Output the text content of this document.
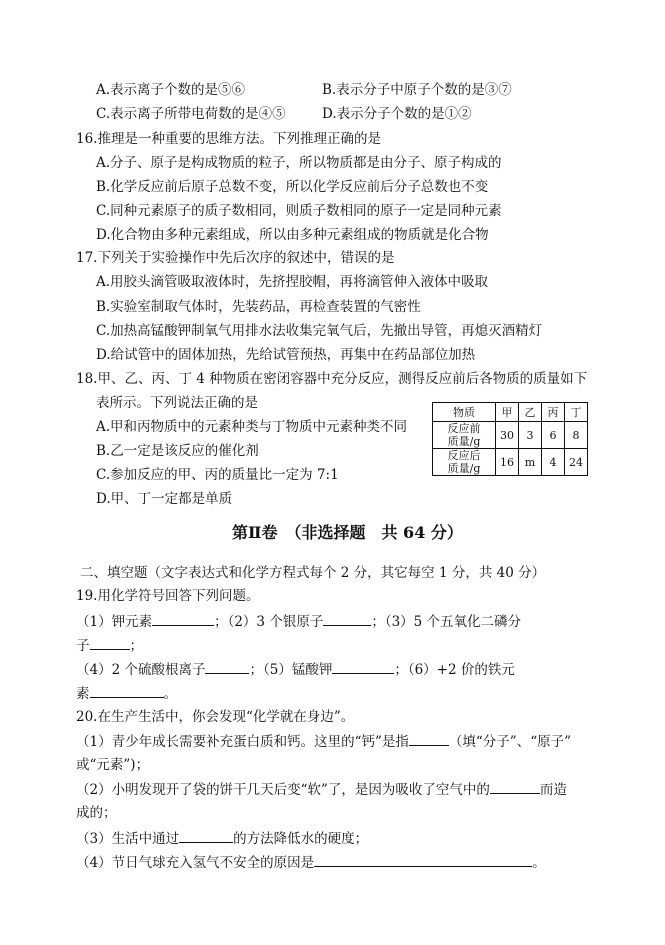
A.表示离子个数的是⑤⑥	B.表示分子中原子个数的是③⑦
C.表示离子所带电荷数的是④⑤	D.表示分子个数的是①②
16.推理是一种重要的思维方法。下列推理正确的是
A.分子、原子是构成物质的粒子，所以物质都是由分子、原子构成的
B.化学反应前后原子总数不变，所以化学反应前后分子总数也不变
C.同种元素原子的质子数相同，则质子数相同的原子一定是同种元素
D.化合物由多种元素组成，所以由多种元素组成的物质就是化合物
17.下列关于实验操作中先后次序的叙述中，错误的是
A.用胶头滴管吸取液体时，先挤捏胶帽，再将滴管伸入液体中吸取
B.实验室制取气体时，先装药品，再检查装置的气密性
C.加热高锰酸钾制氧气用排水法收集完氧气后，先撤出导管，再熄灭酒精灯
D.给试管中的固体加热，先给试管预热，再集中在药品部位加热
18.甲、乙、丙、丁 4 种物质在密闭容器中充分反应，测得反应前后各物质的质量如下
表所示。下列说法正确的是
A.甲和丙物质中的元素种类与丁物质中元素种类不同
B.乙一定是该反应的催化剂
C.参加反应的甲、丙的质量比一定为 7:1
D.甲、丁一定都是单质
物质	甲	乙	丙	丁

反应前
质量/g	30	3	6	8

反应后
质量/g	16	m	4	24
第Ⅱ卷　（非选择题　共 64 分）
二、填空题（文字表达式和化学方程式每个 2 分，其它每空 1 分，共 40 分）
19.用化学符号回答下列问题。
（1）钾元素	；（2）3 个银原子	；（3）5 个五氧化二磷分
子	；
（4）2 个硫酸根离子	；（5）锰酸钾	；（6）+2 价的铁元
素	。
20.在生产生活中，你会发现“化学就在身边”。
（1）青少年成长需要补充蛋白质和钙。这里的“钙”是指	（填“分子”、“原子”
或“元素”)；
（2）小明发现开了袋的饼干几天后变“软”了，是因为吸收了空气中的	而造
成的；
（3）生活中通过	的方法降低水的硬度；
（4）节日气球充入氢气不安全的原因是	。
